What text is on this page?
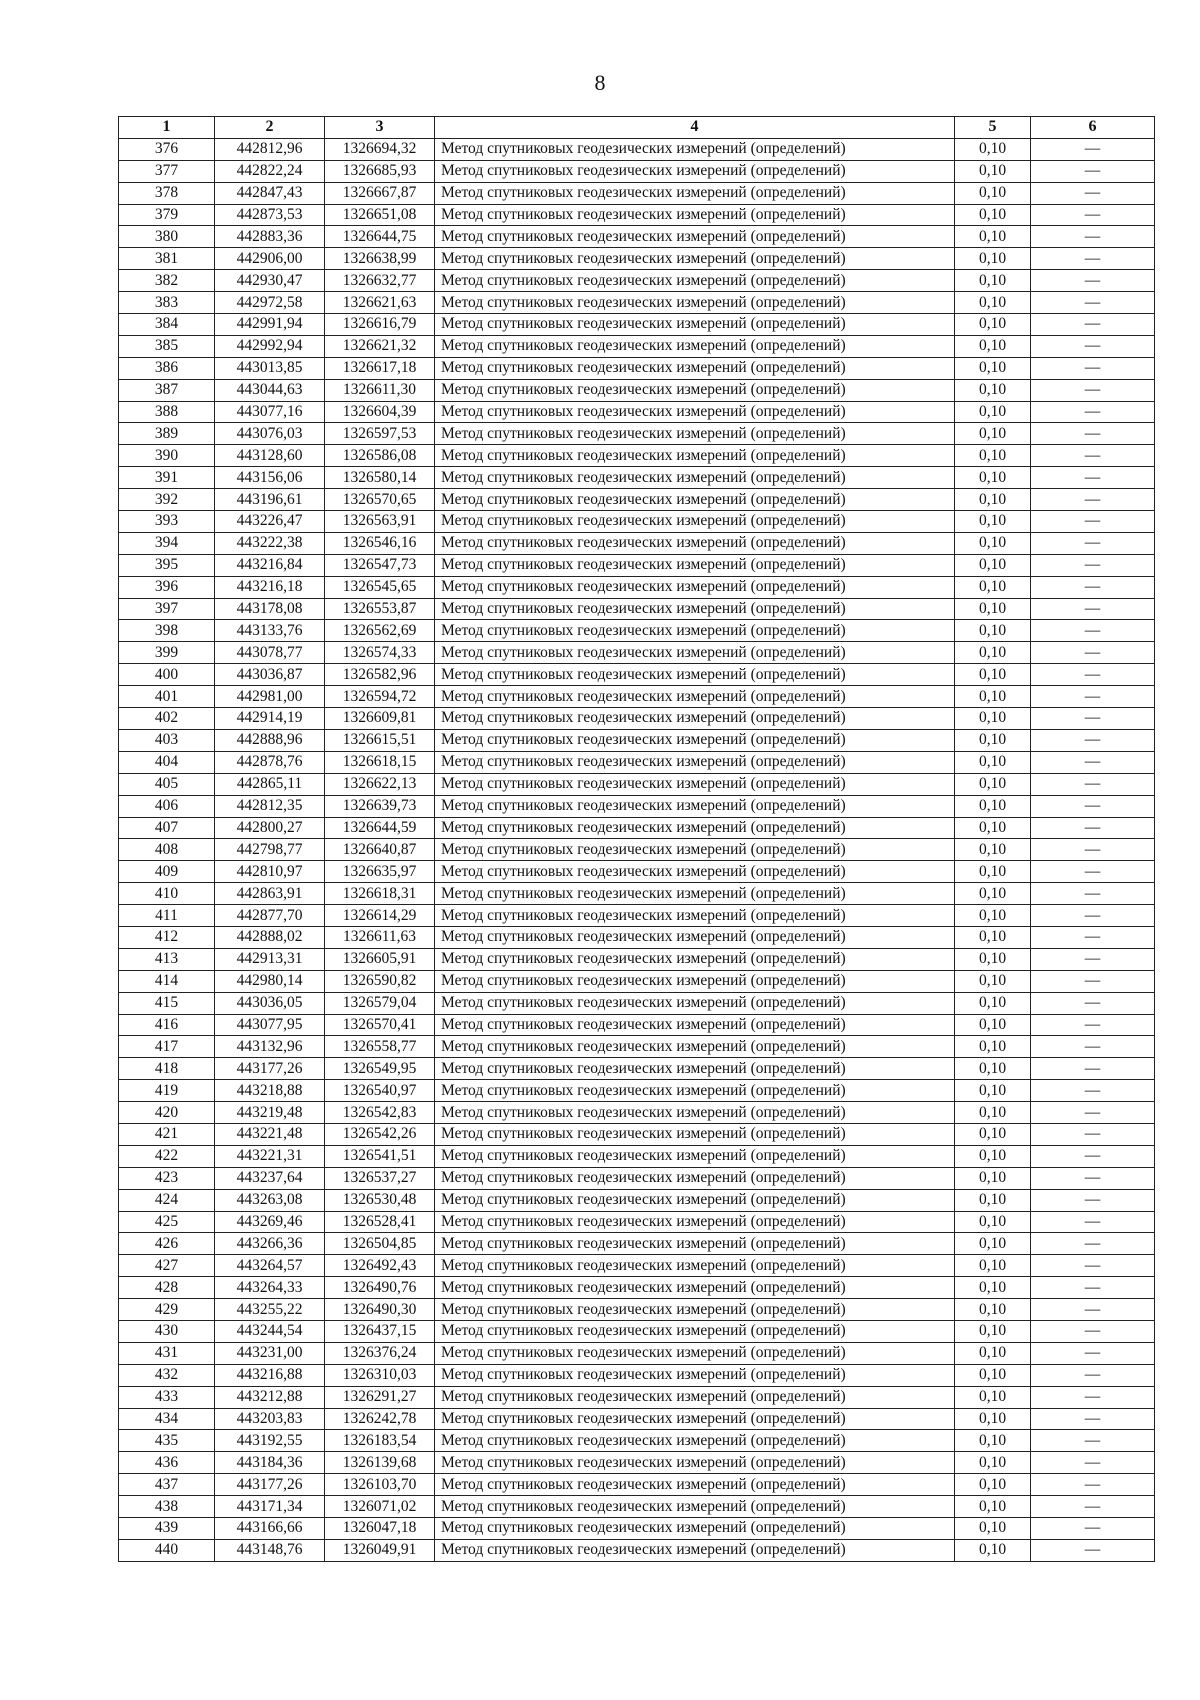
8
1	2	3	4	5	6
376	442812,96	1326694,32	Метод спутниковых геодезических измерений (определений)	0,10	—
377	442822,24	1326685,93	Метод спутниковых геодезических измерений (определений)	0,10	—
378	442847,43	1326667,87	Метод спутниковых геодезических измерений (определений)	0,10	—
379	442873,53	1326651,08	Метод спутниковых геодезических измерений (определений)	0,10	—
380	442883,36	1326644,75	Метод спутниковых геодезических измерений (определений)	0,10	—
381	442906,00	1326638,99	Метод спутниковых геодезических измерений (определений)	0,10	—
382	442930,47	1326632,77	Метод спутниковых геодезических измерений (определений)	0,10	—
383	442972,58	1326621,63	Метод спутниковых геодезических измерений (определений)	0,10	—
384	442991,94	1326616,79	Метод спутниковых геодезических измерений (определений)	0,10	—
385	442992,94	1326621,32	Метод спутниковых геодезических измерений (определений)	0,10	—
386	443013,85	1326617,18	Метод спутниковых геодезических измерений (определений)	0,10	—
387	443044,63	1326611,30	Метод спутниковых геодезических измерений (определений)	0,10	—
388	443077,16	1326604,39	Метод спутниковых геодезических измерений (определений)	0,10	—
389	443076,03	1326597,53	Метод спутниковых геодезических измерений (определений)	0,10	—
390	443128,60	1326586,08	Метод спутниковых геодезических измерений (определений)	0,10	—
391	443156,06	1326580,14	Метод спутниковых геодезических измерений (определений)	0,10	—
392	443196,61	1326570,65	Метод спутниковых геодезических измерений (определений)	0,10	—
393	443226,47	1326563,91	Метод спутниковых геодезических измерений (определений)	0,10	—
394	443222,38	1326546,16	Метод спутниковых геодезических измерений (определений)	0,10	—
395	443216,84	1326547,73	Метод спутниковых геодезических измерений (определений)	0,10	—
396	443216,18	1326545,65	Метод спутниковых геодезических измерений (определений)	0,10	—
397	443178,08	1326553,87	Метод спутниковых геодезических измерений (определений)	0,10	—
398	443133,76	1326562,69	Метод спутниковых геодезических измерений (определений)	0,10	—
399	443078,77	1326574,33	Метод спутниковых геодезических измерений (определений)	0,10	—
400	443036,87	1326582,96	Метод спутниковых геодезических измерений (определений)	0,10	—
401	442981,00	1326594,72	Метод спутниковых геодезических измерений (определений)	0,10	—
402	442914,19	1326609,81	Метод спутниковых геодезических измерений (определений)	0,10	—
403	442888,96	1326615,51	Метод спутниковых геодезических измерений (определений)	0,10	—
404	442878,76	1326618,15	Метод спутниковых геодезических измерений (определений)	0,10	—
405	442865,11	1326622,13	Метод спутниковых геодезических измерений (определений)	0,10	—
406	442812,35	1326639,73	Метод спутниковых геодезических измерений (определений)	0,10	—
407	442800,27	1326644,59	Метод спутниковых геодезических измерений (определений)	0,10	—
408	442798,77	1326640,87	Метод спутниковых геодезических измерений (определений)	0,10	—
409	442810,97	1326635,97	Метод спутниковых геодезических измерений (определений)	0,10	—
410	442863,91	1326618,31	Метод спутниковых геодезических измерений (определений)	0,10	—
411	442877,70	1326614,29	Метод спутниковых геодезических измерений (определений)	0,10	—
412	442888,02	1326611,63	Метод спутниковых геодезических измерений (определений)	0,10	—
413	442913,31	1326605,91	Метод спутниковых геодезических измерений (определений)	0,10	—
414	442980,14	1326590,82	Метод спутниковых геодезических измерений (определений)	0,10	—
415	443036,05	1326579,04	Метод спутниковых геодезических измерений (определений)	0,10	—
416	443077,95	1326570,41	Метод спутниковых геодезических измерений (определений)	0,10	—
417	443132,96	1326558,77	Метод спутниковых геодезических измерений (определений)	0,10	—
418	443177,26	1326549,95	Метод спутниковых геодезических измерений (определений)	0,10	—
419	443218,88	1326540,97	Метод спутниковых геодезических измерений (определений)	0,10	—
420	443219,48	1326542,83	Метод спутниковых геодезических измерений (определений)	0,10	—
421	443221,48	1326542,26	Метод спутниковых геодезических измерений (определений)	0,10	—
422	443221,31	1326541,51	Метод спутниковых геодезических измерений (определений)	0,10	—
423	443237,64	1326537,27	Метод спутниковых геодезических измерений (определений)	0,10	—
424	443263,08	1326530,48	Метод спутниковых геодезических измерений (определений)	0,10	—
425	443269,46	1326528,41	Метод спутниковых геодезических измерений (определений)	0,10	—
426	443266,36	1326504,85	Метод спутниковых геодезических измерений (определений)	0,10	—
427	443264,57	1326492,43	Метод спутниковых геодезических измерений (определений)	0,10	—
428	443264,33	1326490,76	Метод спутниковых геодезических измерений (определений)	0,10	—
429	443255,22	1326490,30	Метод спутниковых геодезических измерений (определений)	0,10	—
430	443244,54	1326437,15	Метод спутниковых геодезических измерений (определений)	0,10	—
431	443231,00	1326376,24	Метод спутниковых геодезических измерений (определений)	0,10	—
432	443216,88	1326310,03	Метод спутниковых геодезических измерений (определений)	0,10	—
433	443212,88	1326291,27	Метод спутниковых геодезических измерений (определений)	0,10	—
434	443203,83	1326242,78	Метод спутниковых геодезических измерений (определений)	0,10	—
435	443192,55	1326183,54	Метод спутниковых геодезических измерений (определений)	0,10	—
436	443184,36	1326139,68	Метод спутниковых геодезических измерений (определений)	0,10	—
437	443177,26	1326103,70	Метод спутниковых геодезических измерений (определений)	0,10	—
438	443171,34	1326071,02	Метод спутниковых геодезических измерений (определений)	0,10	—
439	443166,66	1326047,18	Метод спутниковых геодезических измерений (определений)	0,10	—
440	443148,76	1326049,91	Метод спутниковых геодезических измерений (определений)	0,10	—
